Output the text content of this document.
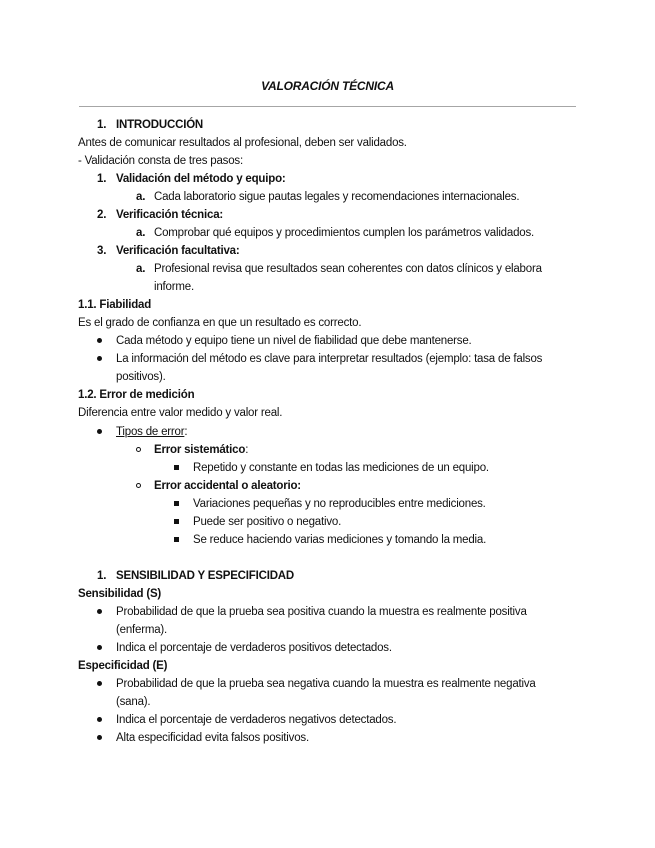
VALORACIÓN TÉCNICA
1. INTRODUCCIÓN
Antes de comunicar resultados al profesional, deben ser validados.
- Validación consta de tres pasos:
1. Validación del método y equipo:
a. Cada laboratorio sigue pautas legales y recomendaciones internacionales.
2. Verificación técnica:
a. Comprobar qué equipos y procedimientos cumplen los parámetros validados.
3. Verificación facultativa:
a. Profesional revisa que resultados sean coherentes con datos clínicos y elabora
informe.
1.1. Fiabilidad
Es el grado de confianza en que un resultado es correcto.
Cada método y equipo tiene un nivel de fiabilidad que debe mantenerse.
La información del método es clave para interpretar resultados (ejemplo: tasa de falsos
positivos).
1.2. Error de medición
Diferencia entre valor medido y valor real.
Tipos de error:
Error sistemático:
Repetido y constante en todas las mediciones de un equipo.
Error accidental o aleatorio:
Variaciones pequeñas y no reproducibles entre mediciones.
Puede ser positivo o negativo.
Se reduce haciendo varias mediciones y tomando la media.
1. SENSIBILIDAD Y ESPECIFICIDAD
Sensibilidad (S)
Probabilidad de que la prueba sea positiva cuando la muestra es realmente positiva
(enferma).
Indica el porcentaje de verdaderos positivos detectados.
Especificidad (E)
Probabilidad de que la prueba sea negativa cuando la muestra es realmente negativa
(sana).
Indica el porcentaje de verdaderos negativos detectados.
Alta especificidad evita falsos positivos.
